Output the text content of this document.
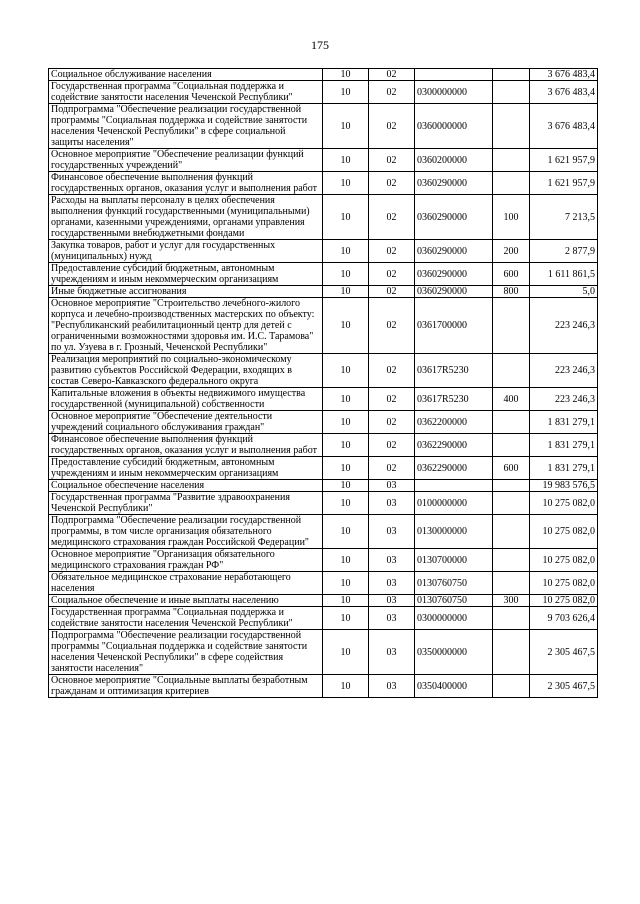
175
Социальное обслуживание населения	10	02			3 676 483,4
Государственная программа "Социальная поддержка и содействие занятости населения Чеченской Республики"	10	02	0300000000		3 676 483,4
Подпрограмма "Обеспечение реализации государственной программы "Социальная поддержка и содействие занятости населения Чеченской Республики" в сфере социальной защиты населения"	10	02	0360000000		3 676 483,4
Основное мероприятие "Обеспечение реализации функций государственных учреждений"	10	02	0360200000		1 621 957,9
Финансовое обеспечение выполнения функций государственных органов, оказания услуг и выполнения работ	10	02	0360290000		1 621 957,9
Расходы на выплаты персоналу в целях обеспечения выполнения функций государственными (муниципальными) органами, казенными учреждениями, органами управления государственными внебюджетными фондами	10	02	0360290000	100	7 213,5
Закупка товаров, работ и услуг для государственных (муниципальных) нужд	10	02	0360290000	200	2 877,9
Предоставление субсидий бюджетным, автономным учреждениям и иным некоммерческим организациям	10	02	0360290000	600	1 611 861,5
Иные бюджетные ассигнования	10	02	0360290000	800	5,0
Основное мероприятие "Строительство лечебного-жилого корпуса и лечебно-производственных мастерских по объекту: "Республиканский реабилитационный центр для детей с ограниченными возможностями здоровья им. И.С. Тарамова" по ул. Узуева в г. Грозный, Чеченской Республики"	10	02	0361700000		223 246,3
Реализация мероприятий по социально-экономическому развитию субъектов Российской Федерации, входящих в состав Северо-Кавказского федерального округа	10	02	03617R5230		223 246,3
Капитальные вложения в объекты недвижимого имущества государственной (муниципальной) собственности	10	02	03617R5230	400	223 246,3
Основное мероприятие "Обеспечение деятельности учреждений социального обслуживания граждан"	10	02	0362200000		1 831 279,1
Финансовое обеспечение выполнения функций государственных органов, оказания услуг и выполнения работ	10	02	0362290000		1 831 279,1
Предоставление субсидий бюджетным, автономным учреждениям и иным некоммерческим организациям	10	02	0362290000	600	1 831 279,1
Социальное обеспечение населения	10	03			19 983 576,5
Государственная программа "Развитие здравоохранения Чеченской Республики"	10	03	0100000000		10 275 082,0
Подпрограмма "Обеспечение реализации государственной программы, в том числе организация обязательного медицинского страхования граждан Российской Федерации"	10	03	0130000000		10 275 082,0
Основное мероприятие "Организация обязательного медицинского страхования граждан РФ"	10	03	0130700000		10 275 082,0
Обязательное медицинское страхование неработающего населения	10	03	0130760750		10 275 082,0
Социальное обеспечение и иные выплаты населению	10	03	0130760750	300	10 275 082,0
Государственная программа "Социальная поддержка и содействие занятости населения Чеченской Республики"	10	03	0300000000		9 703 626,4
Подпрограмма "Обеспечение реализации государственной программы "Социальная поддержка и содействие занятости населения Чеченской Республики" в сфере содействия занятости населения"	10	03	0350000000		2 305 467,5
Основное мероприятие "Социальные выплаты безработным гражданам и оптимизация критериев	10	03	0350400000		2 305 467,5
